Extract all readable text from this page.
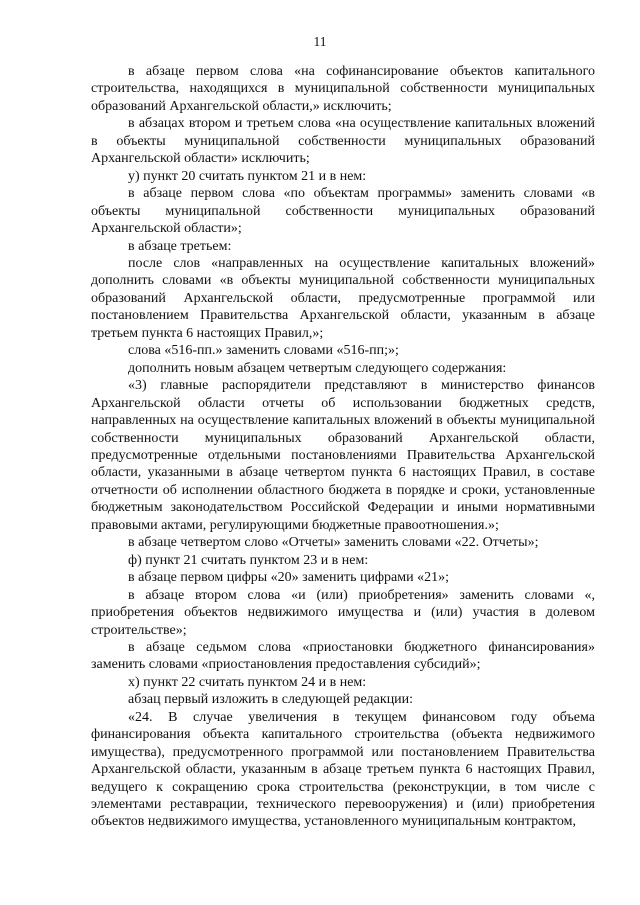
11

в абзаце первом слова «на софинансирование объектов капитального строительства, находящихся в муниципальной собственности муниципальных образований Архангельской области,» исключить;

в абзацах втором и третьем слова «на осуществление капитальных вложений в объекты муниципальной собственности муниципальных образований Архангельской области» исключить;

у) пункт 20 считать пунктом 21 и в нем:

в абзаце первом слова «по объектам программы» заменить словами «в объекты муниципальной собственности муниципальных образований Архангельской области»;

в абзаце третьем:

после слов «направленных на осуществление капитальных вложений» дополнить словами «в объекты муниципальной собственности муниципальных образований Архангельской области, предусмотренные программой или постановлением Правительства Архангельской области, указанным в абзаце третьем пункта 6 настоящих Правил,»;

слова «516-пп.» заменить словами «516-пп;»;

дополнить новым абзацем четвертым следующего содержания:

«3) главные распорядители представляют в министерство финансов Архангельской области отчеты об использовании бюджетных средств, направленных на осуществление капитальных вложений в объекты муниципальной собственности муниципальных образований Архангельской области, предусмотренные отдельными постановлениями Правительства Архангельской области, указанными в абзаце четвертом пункта 6 настоящих Правил, в составе отчетности об исполнении областного бюджета в порядке и сроки, установленные бюджетным законодательством Российской Федерации и иными нормативными правовыми актами, регулирующими бюджетные правоотношения.»;

в абзаце четвертом слово «Отчеты» заменить словами «22. Отчеты»;

ф) пункт 21 считать пунктом 23 и в нем:

в абзаце первом цифры «20» заменить цифрами «21»;

в абзаце втором слова «и (или) приобретения» заменить словами «, приобретения объектов недвижимого имущества и (или) участия в долевом строительстве»;

в абзаце седьмом слова «приостановки бюджетного финансирования» заменить словами «приостановления предоставления субсидий»;

х) пункт 22 считать пунктом 24 и в нем:

абзац первый изложить в следующей редакции:

«24. В случае увеличения в текущем финансовом году объема финансирования объекта капитального строительства (объекта недвижимого имущества), предусмотренного программой или постановлением Правительства Архангельской области, указанным в абзаце третьем пункта 6 настоящих Правил, ведущего к сокращению срока строительства (реконструкции, в том числе с элементами реставрации, технического перевооружения) и (или) приобретения объектов недвижимого имущества, установленного муниципальным контрактом,
